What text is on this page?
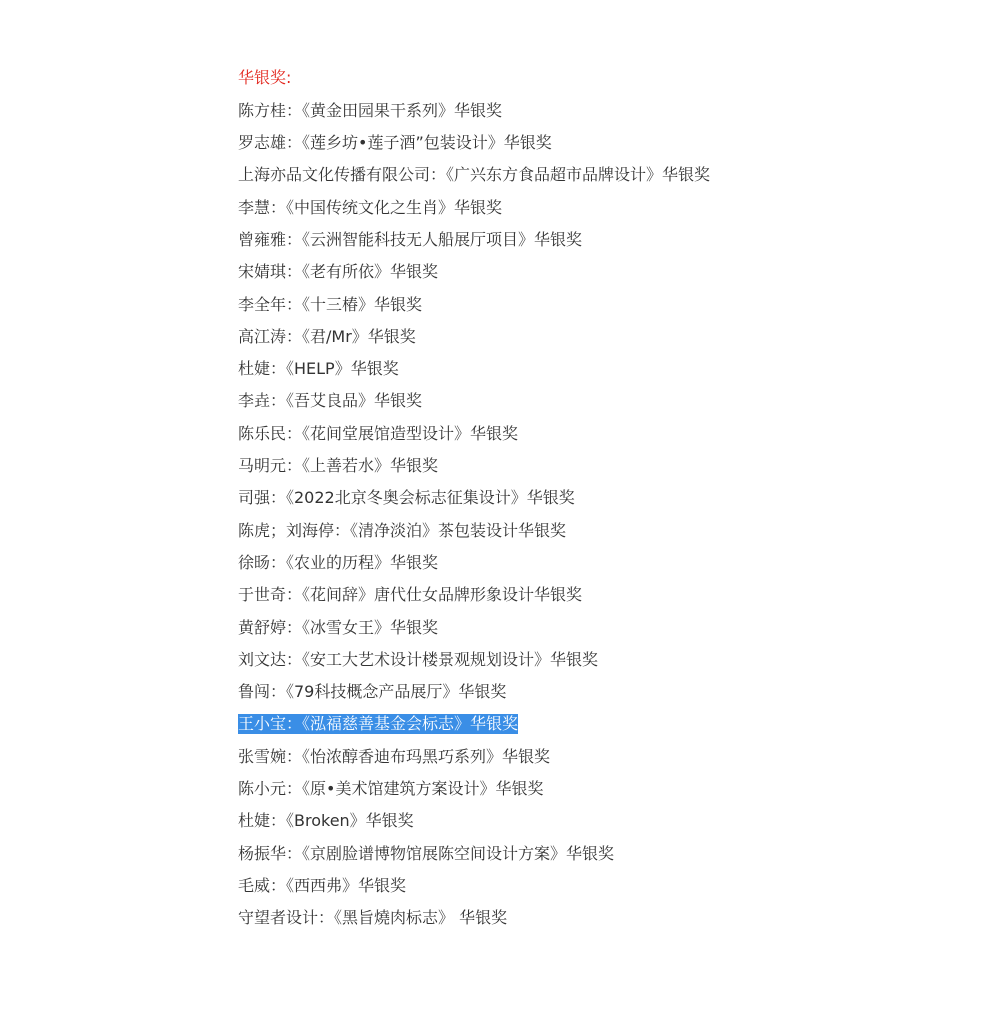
华银奖:
陈方桂：《黄金田园果干系列》华银奖
罗志雄：《莲乡坊•莲子酒”包装设计》华银奖
上海亦品文化传播有限公司：《广兴东方食品超市品牌设计》华银奖
李慧：《中国传统文化之生肖》华银奖
曾雍雅：《云洲智能科技无人船展厅项目》华银奖
宋婧琪：《老有所依》华银奖
李全年：《十三椿》华银奖
高江涛：《君/Mr》华银奖
杜婕：《HELP》华银奖
李垚：《吾艾良品》华银奖
陈乐民：《花间堂展馆造型设计》华银奖
马明元：《上善若水》华银奖
司强：《2022北京冬奥会标志征集设计》华银奖
陈虎；刘海停：《清净淡泊》茶包装设计华银奖
徐旸：《农业的历程》华银奖
于世奇：《花间辞》唐代仕女品牌形象设计华银奖
黄舒婷：《冰雪女王》华银奖
刘文达：《安工大艺术设计楼景观规划设计》华银奖
鲁闯：《79科技概念产品展厅》华银奖
王小宝：《泓福慈善基金会标志》华银奖
张雪婉：《怡浓醇香迪布玛黑巧系列》华银奖
陈小元：《原•美术馆建筑方案设计》华银奖
杜婕：《Broken》华银奖
杨振华：《京剧脸谱博物馆展陈空间设计方案》华银奖
毛威：《西西弗》华银奖
守望者设计：《黑旨燒肉标志》 华银奖
